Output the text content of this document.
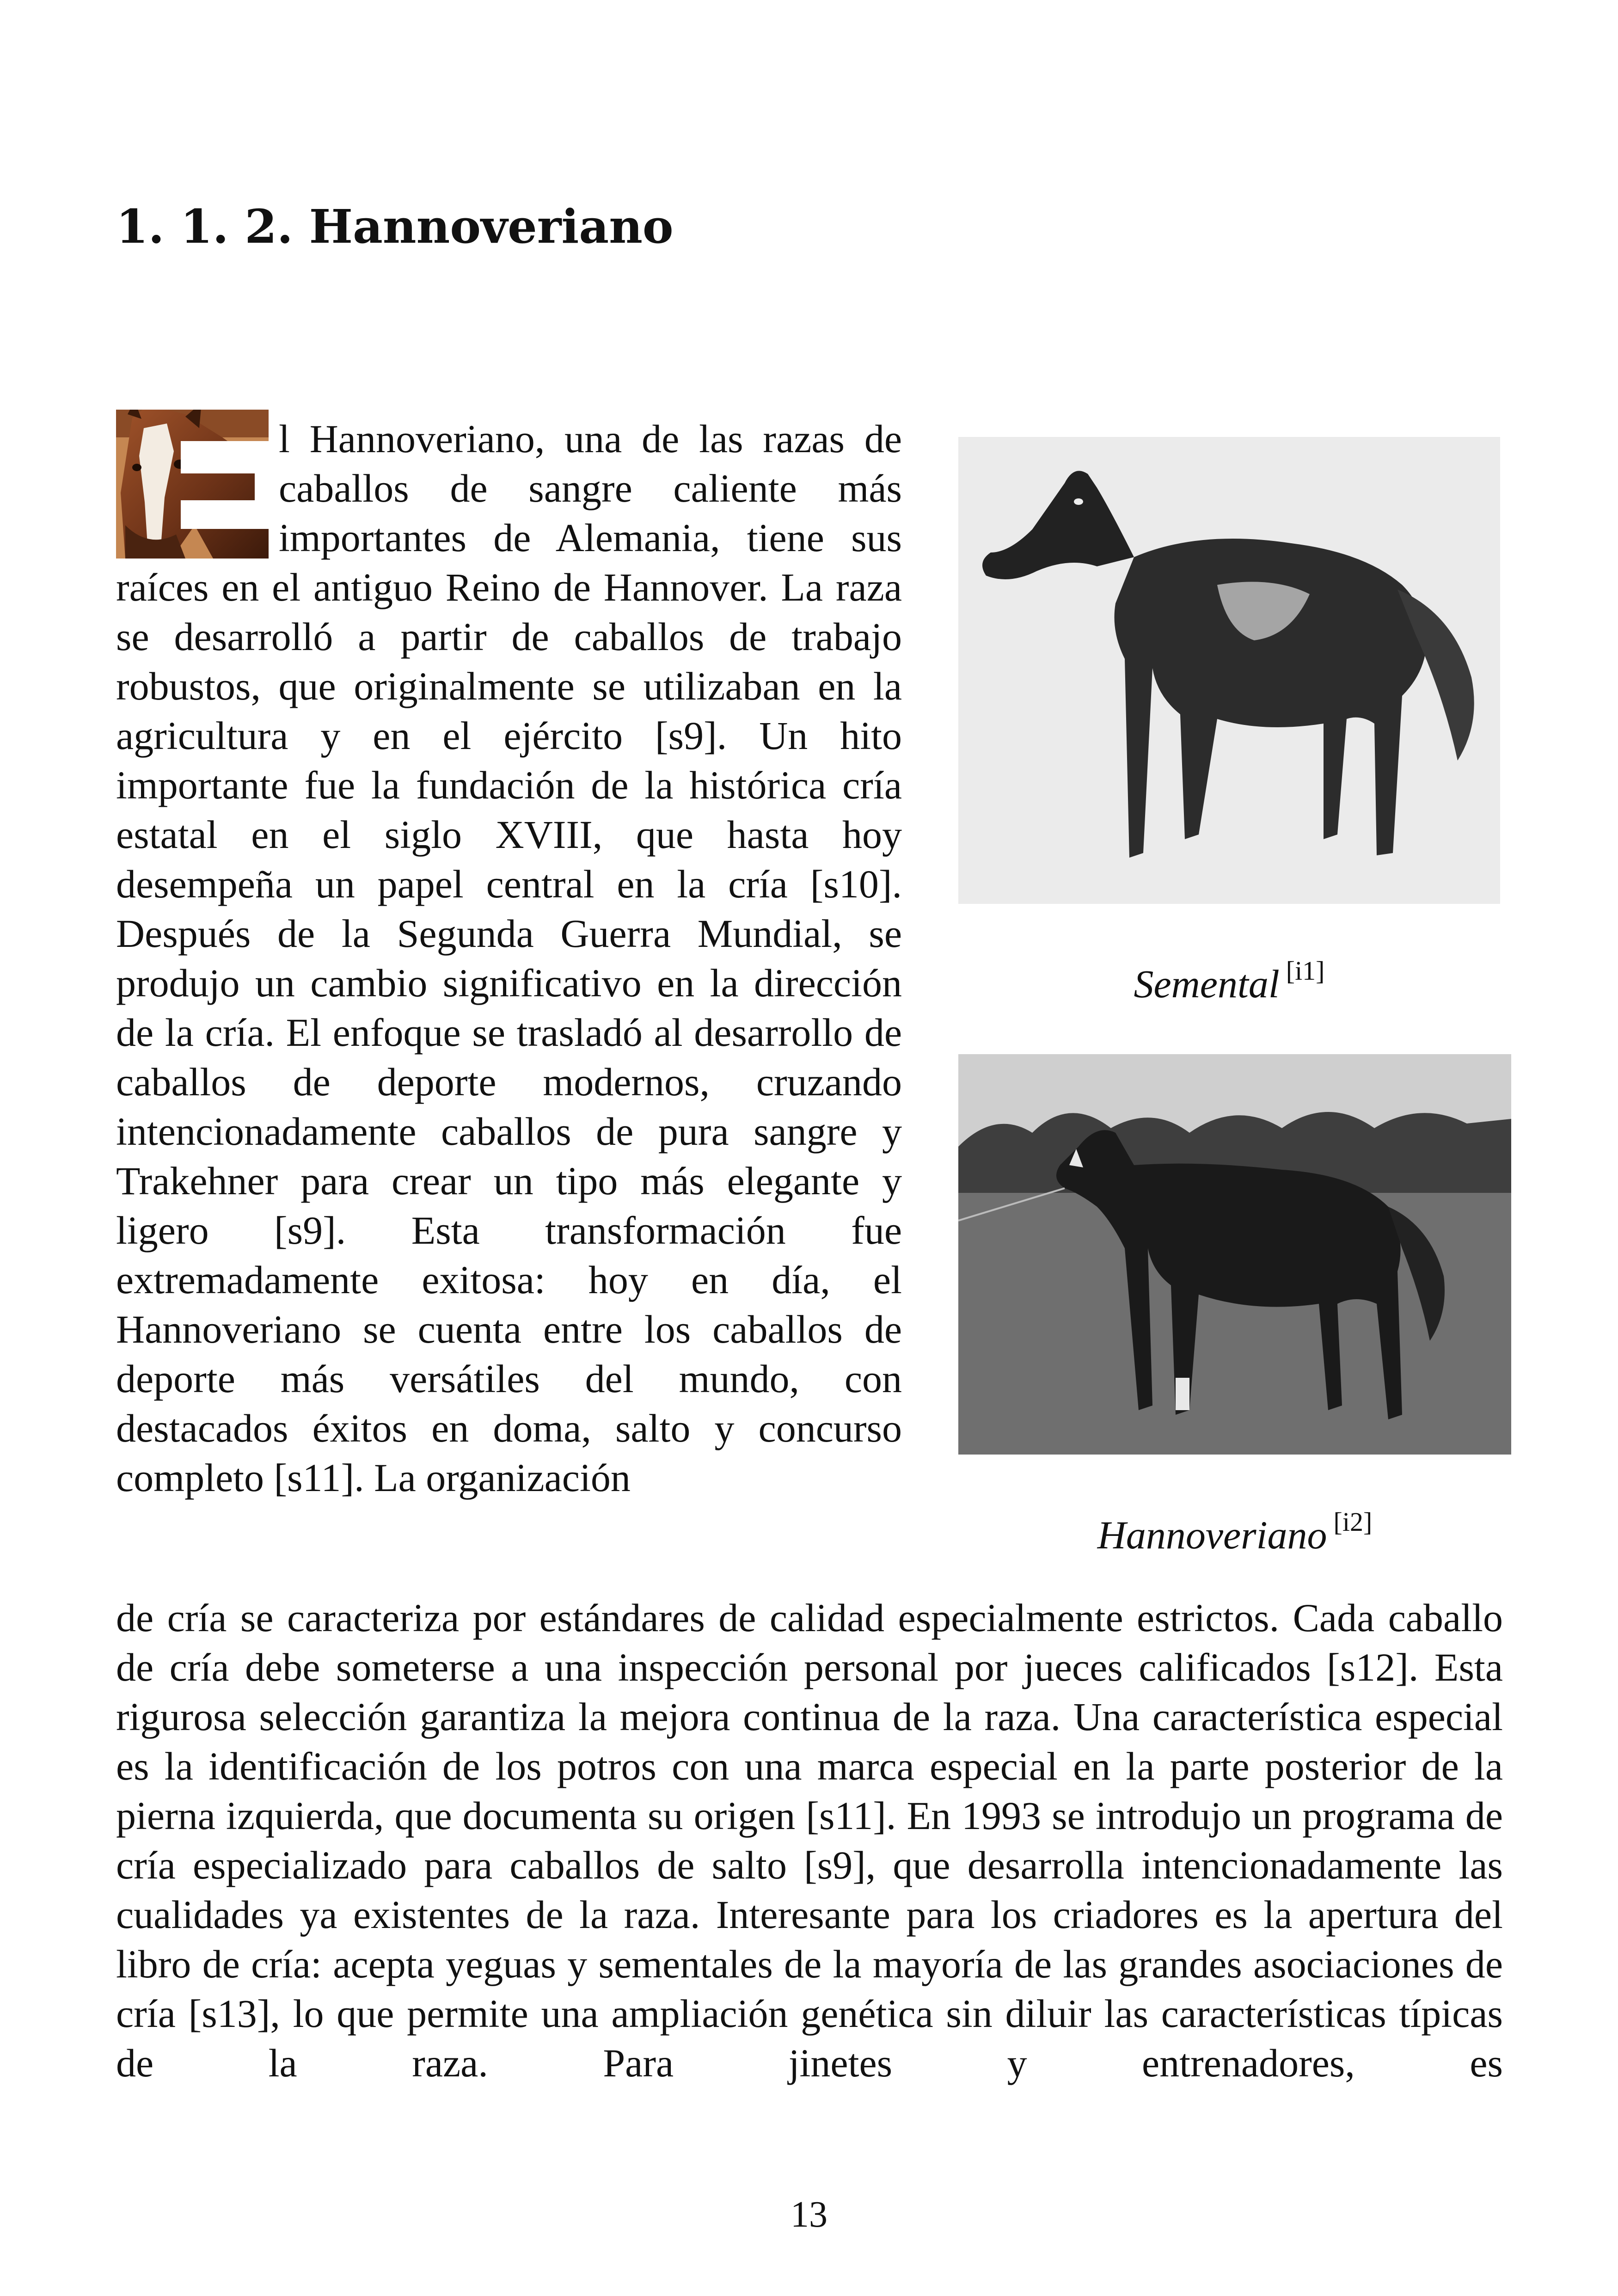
1. 1. 2. Hannoveriano
l Hannoveriano, una de las razas de caballos de sangre caliente más importantes de Alemania, tiene sus raíces en el antiguo Reino de Hannover. La raza se desarrolló a partir de caballos de trabajo robustos, que originalmente se utilizaban en la agricultura y en el ejército [s9]. Un hito importante fue la fundación de la histórica cría estatal en el siglo XVIII, que hasta hoy desempeña un papel central en la cría [s10]. Después de la Segunda Guerra Mundial, se produjo un cambio significativo en la dirección de la cría. El enfoque se trasladó al desarrollo de caballos de deporte modernos, cruzando intencionadamente caballos de pura sangre y Trakehner para crear un tipo más elegante y ligero [s9]. Esta transformación fue extremadamente exitosa: hoy en día, el Hannoveriano se cuenta entre los caballos de deporte más versátiles del mundo, con destacados éxitos en doma, salto y concurso completo [s11]. La organización
Semental [i1]
Hannoveriano [i2]

de cría se caracteriza por estándares de calidad especialmente estrictos. Cada caballo de cría debe someterse a una inspección personal por jueces calificados [s12]. Esta rigurosa selección garantiza la mejora continua de la raza. Una característica especial es la identificación de los potros con una marca especial en la parte posterior de la pierna izquierda, que documenta su origen [s11]. En 1993 se introdujo un programa de cría especializado para caballos de salto [s9], que desarrolla intencionadamente las cualidades ya existentes de la raza. Interesante para los criadores es la apertura del libro de cría: acepta yeguas y sementales de la mayoría de las grandes asociaciones de cría [s13], lo que permite una ampliación genética sin diluir las características típicas de la raza. Para jinetes y entrenadores, es

13
